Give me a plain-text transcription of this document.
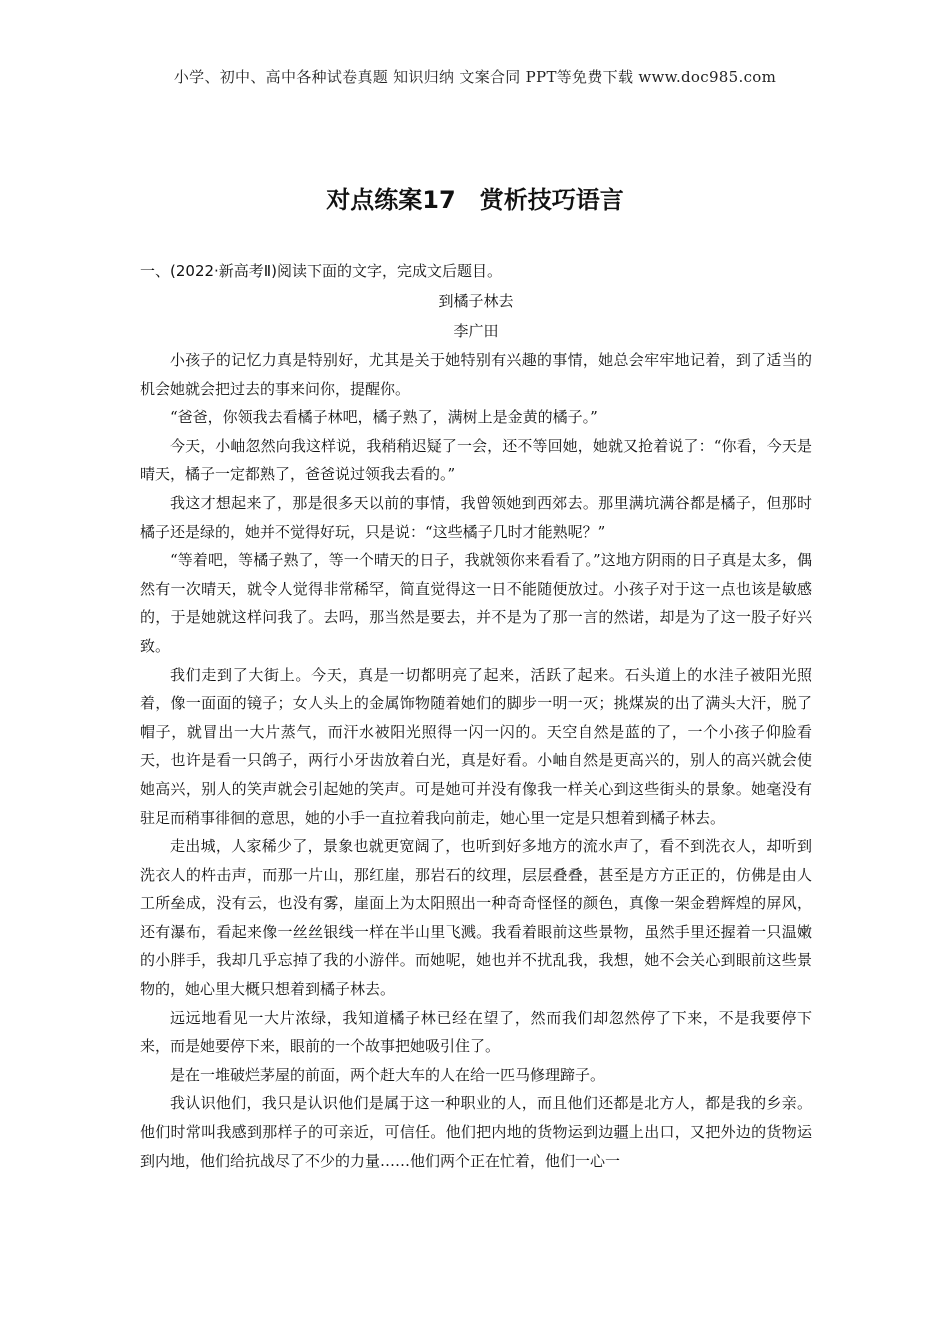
小学、初中、高中各种试卷真题 知识归纳 文案合同 PPT等免费下载 www.doc985.com
对点练案17　赏析技巧语言

一、(2022·新高考Ⅱ)阅读下面的文字，完成文后题目。

到橘子林去

李广田

小孩子的记忆力真是特别好，尤其是关于她特别有兴趣的事情，她总会牢牢地记着，到了适当的机会她就会把过去的事来问你，提醒你。

“爸爸，你领我去看橘子林吧，橘子熟了，满树上是金黄的橘子。”

今天，小岫忽然向我这样说，我稍稍迟疑了一会，还不等回她，她就又抢着说了：“你看，今天是晴天，橘子一定都熟了，爸爸说过领我去看的。”

我这才想起来了，那是很多天以前的事情，我曾领她到西郊去。那里满坑满谷都是橘子，但那时橘子还是绿的，她并不觉得好玩，只是说：“这些橘子几时才能熟呢？”

“等着吧，等橘子熟了，等一个晴天的日子，我就领你来看看了。”这地方阴雨的日子真是太多，偶然有一次晴天，就令人觉得非常稀罕，简直觉得这一日不能随便放过。小孩子对于这一点也该是敏感的，于是她就这样问我了。去吗，那当然是要去，并不是为了那一言的然诺，却是为了这一股子好兴致。

我们走到了大街上。今天，真是一切都明亮了起来，活跃了起来。石头道上的水洼子被阳光照着，像一面面的镜子；女人头上的金属饰物随着她们的脚步一明一灭；挑煤炭的出了满头大汗，脱了帽子，就冒出一大片蒸气，而汗水被阳光照得一闪一闪的。天空自然是蓝的了，一个小孩子仰脸看天，也许是看一只鸽子，两行小牙齿放着白光，真是好看。小岫自然是更高兴的，别人的高兴就会使她高兴，别人的笑声就会引起她的笑声。可是她可并没有像我一样关心到这些街头的景象。她毫没有驻足而稍事徘徊的意思，她的小手一直拉着我向前走，她心里一定是只想着到橘子林去。

走出城，人家稀少了，景象也就更宽阔了，也听到好多地方的流水声了，看不到洗衣人，却听到洗衣人的杵击声，而那一片山，那红崖，那岩石的纹理，层层叠叠，甚至是方方正正的，仿佛是由人工所垒成，没有云，也没有雾，崖面上为太阳照出一种奇奇怪怪的颜色，真像一架金碧辉煌的屏风，还有瀑布，看起来像一丝丝银线一样在半山里飞溅。我看着眼前这些景物，虽然手里还握着一只温嫩的小胖手，我却几乎忘掉了我的小游伴。而她呢，她也并不扰乱我，我想，她不会关心到眼前这些景物的，她心里大概只想着到橘子林去。

远远地看见一大片浓绿，我知道橘子林已经在望了，然而我们却忽然停了下来，不是我要停下来，而是她要停下来，眼前的一个故事把她吸引住了。

是在一堆破烂茅屋的前面，两个赶大车的人在给一匹马修理蹄子。

我认识他们，我只是认识他们是属于这一种职业的人，而且他们还都是北方人，都是我的乡亲。他们时常叫我感到那样子的可亲近，可信任。他们把内地的货物运到边疆上出口，又把外边的货物运到内地，他们给抗战尽了不少的力量……他们两个正在忙着，他们一心一
